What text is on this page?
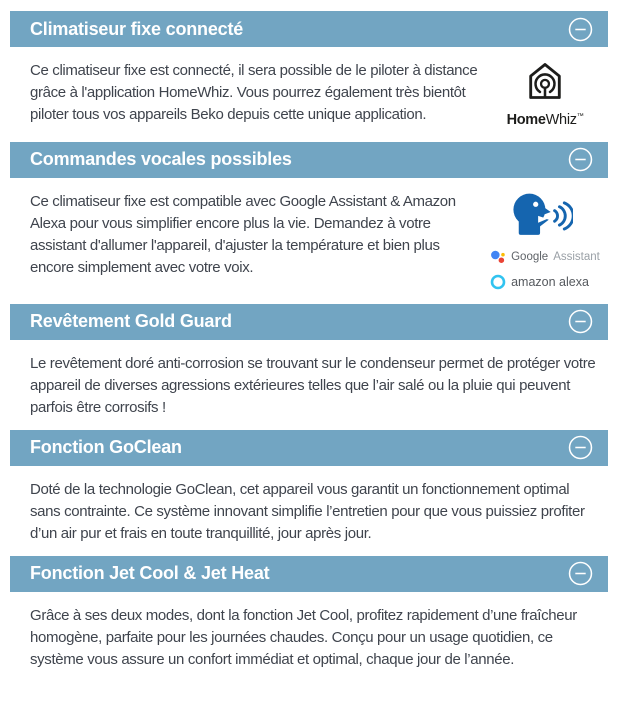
Climatiseur fixe connecté

Ce climatiseur fixe est connecté, il sera possible de le piloter à distance grâce à l'application HomeWhiz. Vous pourrez également très bientôt piloter tous vos appareils Beko depuis cette unique application.	HomeWhiz™
Commandes vocales possibles

Ce climatiseur fixe est compatible avec Google Assistant & Amazon Alexa pour vous simplifier encore plus la vie. Demandez à votre assistant d'allumer l'appareil, d'ajuster la température et bien plus encore simplement avec votre voix.

Google Assistant
amazon alexa
Revêtement Gold Guard

Le revêtement doré anti-corrosion se trouvant sur le condenseur permet de protéger votre appareil de diverses agressions extérieures telles que l’air salé ou la pluie qui peuvent parfois être corrosifs !

Fonction GoClean

Doté de la technologie GoClean, cet appareil vous garantit un fonctionnement optimal sans contrainte. Ce système innovant simplifie l’entretien pour que vous puissiez profiter d’un air pur et frais en toute tranquillité, jour après jour.

Fonction Jet Cool & Jet Heat

Grâce à ses deux modes, dont la fonction Jet Cool, profitez rapidement d’une fraîcheur homogène, parfaite pour les journées chaudes. Conçu pour un usage quotidien, ce système vous assure un confort immédiat et optimal, chaque jour de l’année.
